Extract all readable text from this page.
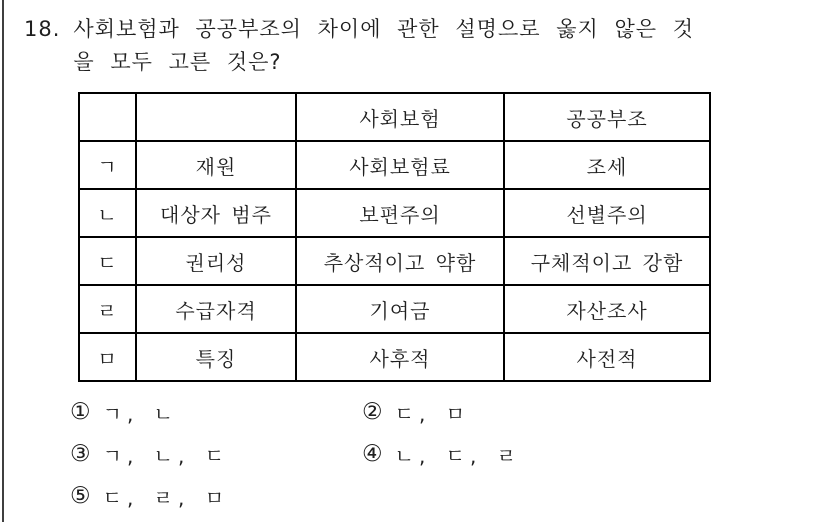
18. 사회보험과 공공부조의 차이에 관한 설명으로 옳지 않은 것
을 모두 고른 것은?
		사회보험	공공부조
ㄱ	재원	사회보험료	조세
ㄴ	대상자 범주	보편주의	선별주의
ㄷ	권리성	추상적이고 약함	구체적이고 강함
ㄹ	수급자격	기여금	자산조사
ㅁ	특징	사후적	사전적
① ㄱ, ㄴ	② ㄷ, ㅁ
③ ㄱ, ㄴ, ㄷ	④ ㄴ, ㄷ, ㄹ
⑤ ㄷ, ㄹ, ㅁ
